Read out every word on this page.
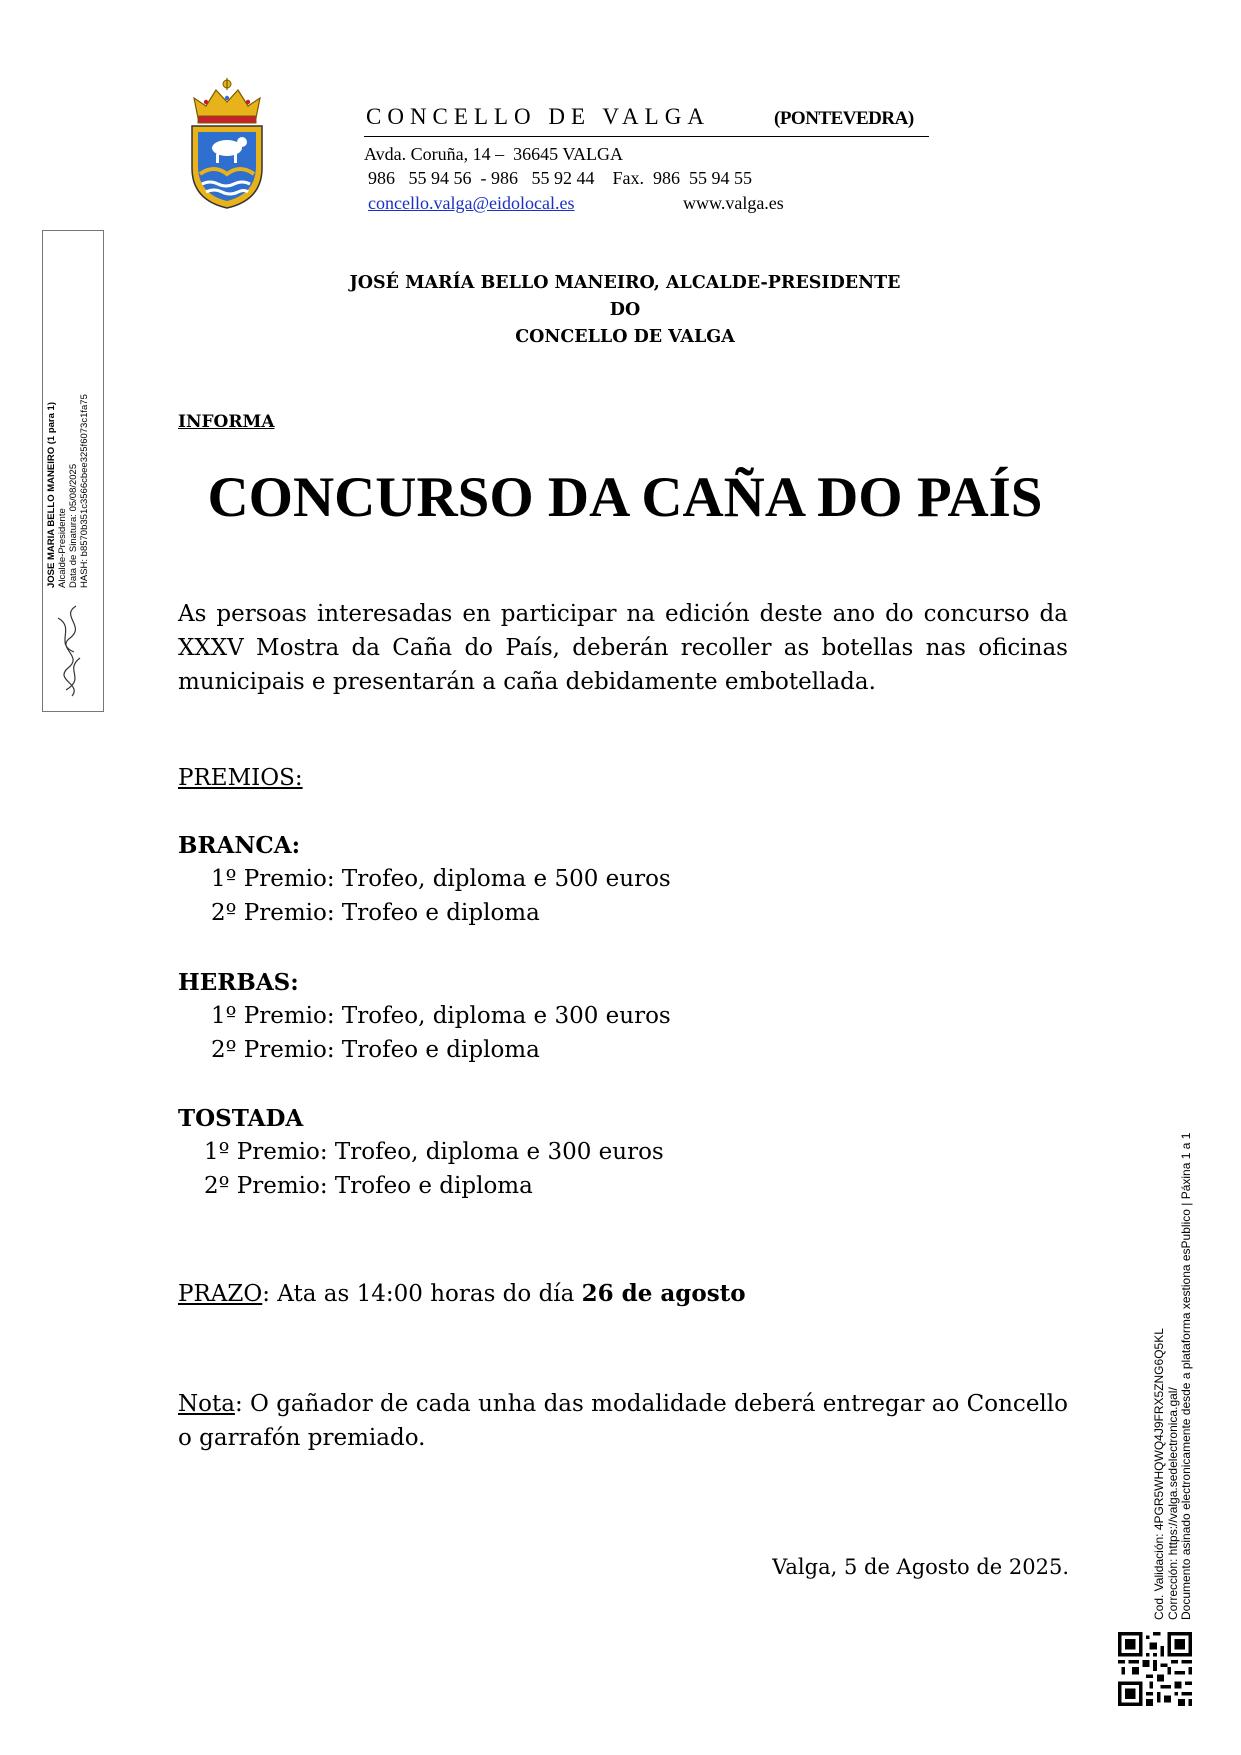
CONCELLO DE VALGA	(PONTEVEDRA)
Avda. Coruña, 14 –  36645 VALGA
986   55 94 56  - 986   55 92 44    Fax.  986  55 94 55
concello.valga@eidolocal.es	www.valga.es
JOSE MARIA BELLO MANEIRO (1 para 1) Alcalde-Presidente Data de Sinatura: 05/08/2025 HASH: b8570b351c3566cbee325f6073c1fa75
Cod. Validación: 4PGR5WHQWQ4J9FRX5ZNG6Q5KL Corrección: https://valga.sedelectronica.gal/ Documento asinado electronicamente desde a plataforma xestiona esPublico | Páxina 1 a 1
JOSÉ MARÍA BELLO MANEIRO, ALCALDE-PRESIDENTE
DO
CONCELLO DE VALGA
INFORMA
CONCURSO DA CAÑA DO PAÍS
As persoas interesadas en participar na edición deste ano do concurso da XXXV Mostra da Caña do País, deberán recoller as botellas nas oficinas municipais e presentarán a caña debidamente embotellada.
PREMIOS:
BRANCA:
1º Premio: Trofeo, diploma e 500 euros
2º Premio: Trofeo e diploma
HERBAS:
1º Premio: Trofeo, diploma e 300 euros
2º Premio: Trofeo e diploma
TOSTADA
1º Premio: Trofeo, diploma e 300 euros
2º Premio: Trofeo e diploma
PRAZO: Ata as 14:00 horas do día 26 de agosto
Nota: O gañador de cada unha das modalidade deberá entregar ao Concello o garrafón premiado.
Valga, 5 de Agosto de 2025.
